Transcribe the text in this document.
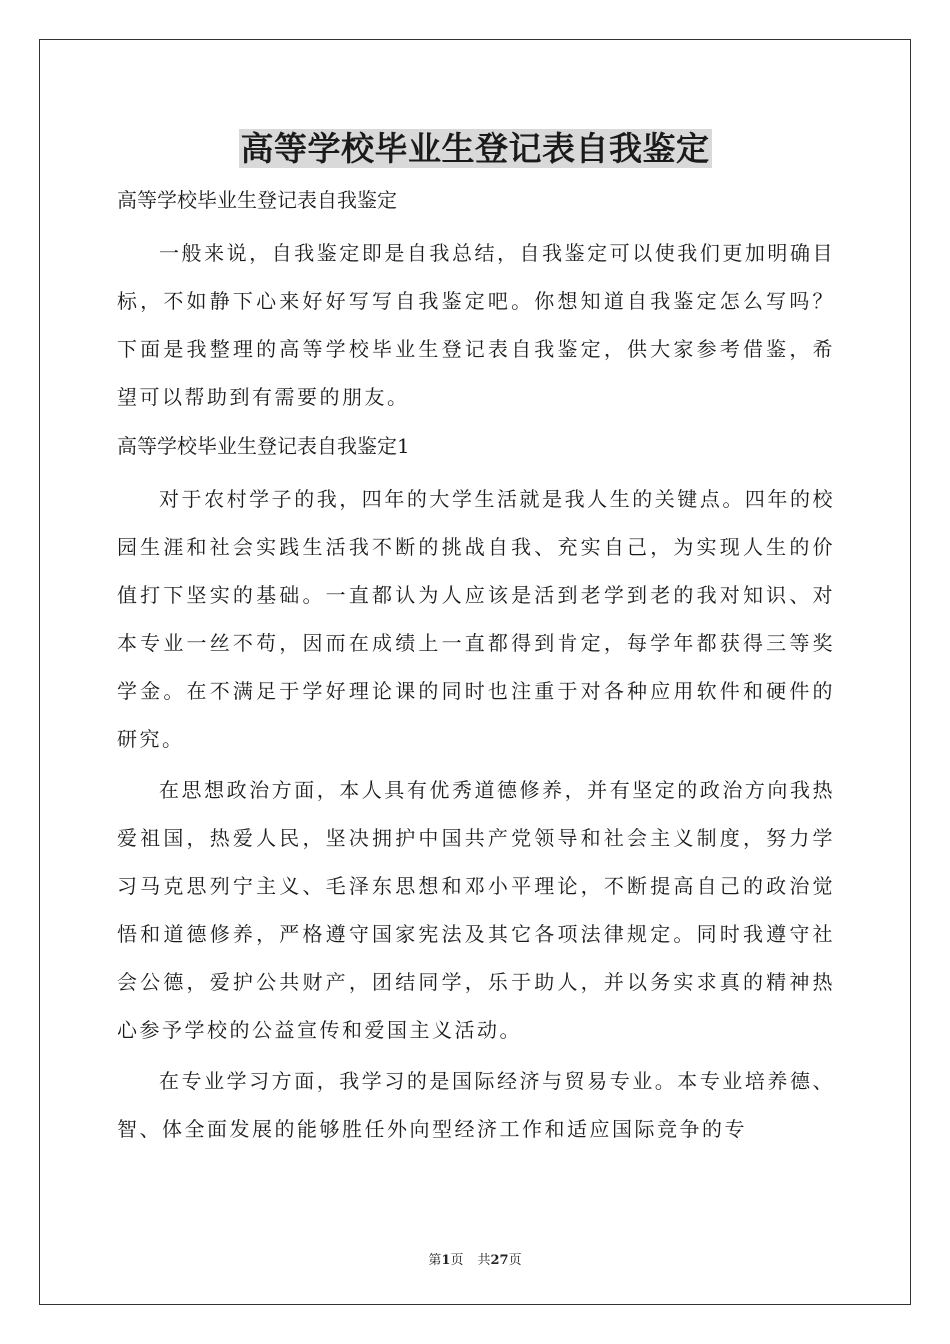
高等学校毕业生登记表自我鉴定

高等学校毕业生登记表自我鉴定

一般来说，自我鉴定即是自我总结，自我鉴定可以使我们更加明确目标，不如静下心来好好写写自我鉴定吧。你想知道自我鉴定怎么写吗？下面是我整理的高等学校毕业生登记表自我鉴定，供大家参考借鉴，希望可以帮助到有需要的朋友。

高等学校毕业生登记表自我鉴定1

对于农村学子的我，四年的大学生活就是我人生的关键点。四年的校园生涯和社会实践生活我不断的挑战自我、充实自己，为实现人生的价值打下坚实的基础。一直都认为人应该是活到老学到老的我对知识、对本专业一丝不苟，因而在成绩上一直都得到肯定，每学年都获得三等奖学金。在不满足于学好理论课的同时也注重于对各种应用软件和硬件的研究。

在思想政治方面，本人具有优秀道德修养，并有坚定的政治方向我热爱祖国，热爱人民，坚决拥护中国共产党领导和社会主义制度，努力学习马克思列宁主义、毛泽东思想和邓小平理论，不断提高自己的政治觉悟和道德修养，严格遵守国家宪法及其它各项法律规定。同时我遵守社会公德，爱护公共财产，团结同学，乐于助人，并以务实求真的精神热心参予学校的公益宣传和爱国主义活动。

在专业学习方面，我学习的是国际经济与贸易专业。本专业培养德、智、体全面发展的能够胜任外向型经济工作和适应国际竞争的专

第1页 共27页
